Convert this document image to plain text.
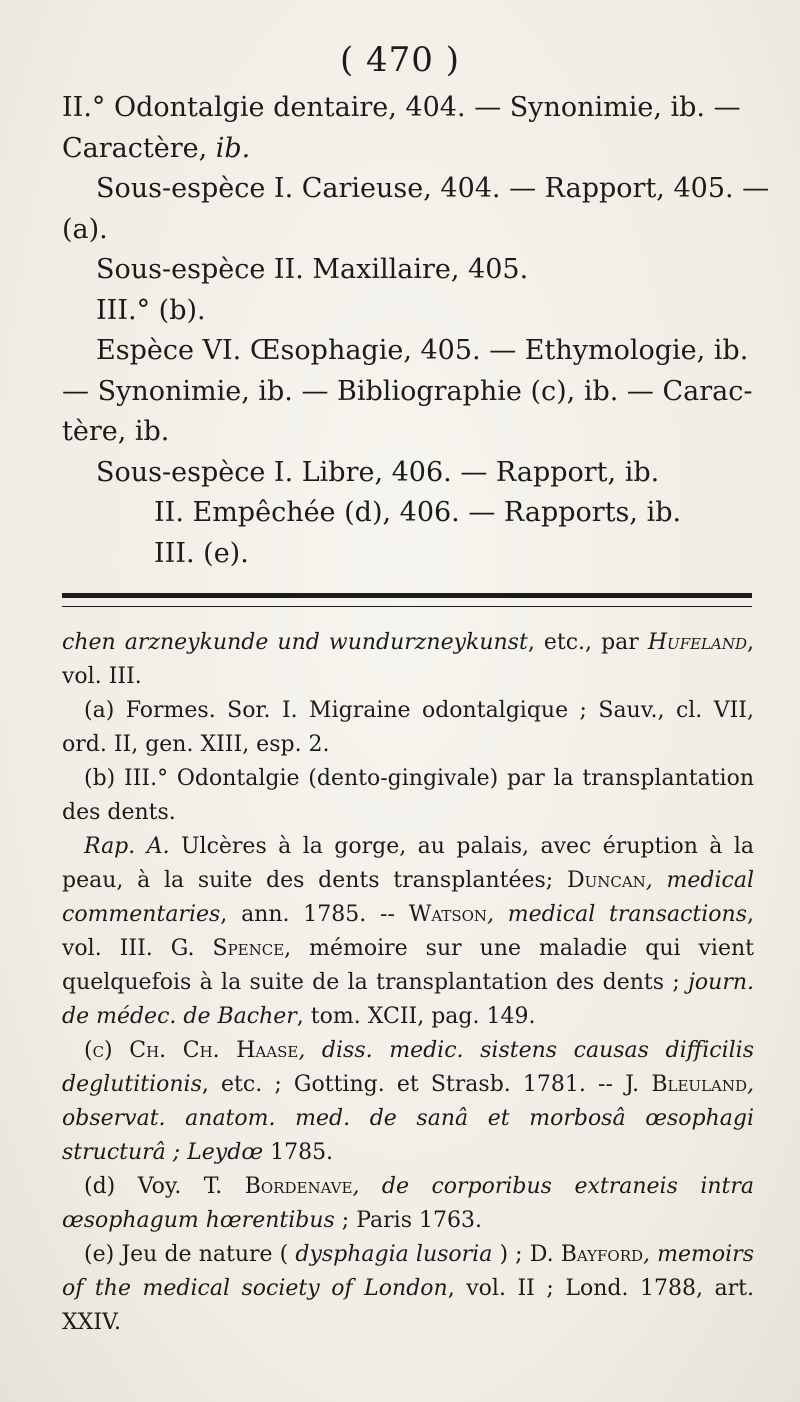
( 470 )
II.° Odontalgie dentaire, 404. — Synonimie, ib. —
Caractère, ib.
Sous-espèce I. Carieuse, 404. — Rapport, 405. —
(a).
Sous-espèce II. Maxillaire, 405.
III.° (b).
Espèce VI. Œsophagie, 405. — Ethymologie, ib.
— Synonimie, ib. — Bibliographie (c), ib. — Carac-
tère, ib.
Sous-espèce I. Libre, 406. — Rapport, ib.
II. Empêchée (d), 406. — Rapports, ib.
III. (e).
chen arzneykunde und wundurzneykunst, etc., par Hufeland, vol. III.
(a) Formes. Sor. I. Migraine odontalgique ; Sauv., cl. VII, ord. II, gen. XIII, esp. 2.
(b) III.° Odontalgie (dento-gingivale) par la transplantation des dents.
Rap. A. Ulcères à la gorge, au palais, avec éruption à la peau, à la suite des dents transplantées; Duncan, medical commentaries, ann. 1785. -- Watson, medical transactions, vol. III. G. Spence, mémoire sur une maladie qui vient quelquefois à la suite de la transplantation des dents ; journ. de médec. de Bacher, tom. XCII, pag. 149.
(c) Ch. Ch. Haase, diss. medic. sistens causas difficilis deglutitionis, etc. ; Gotting. et Strasb. 1781. -- J. Bleuland, observat. anatom. med. de sanâ et morbosâ œsophagi structurâ ; Leydœ 1785.
(d) Voy. T. Bordenave, de corporibus extraneis intra œsophagum hœrentibus ; Paris 1763.
(e) Jeu de nature ( dysphagia lusoria ) ; D. Bayford, memoirs of the medical society of London, vol. II ; Lond. 1788, art. XXIV.
